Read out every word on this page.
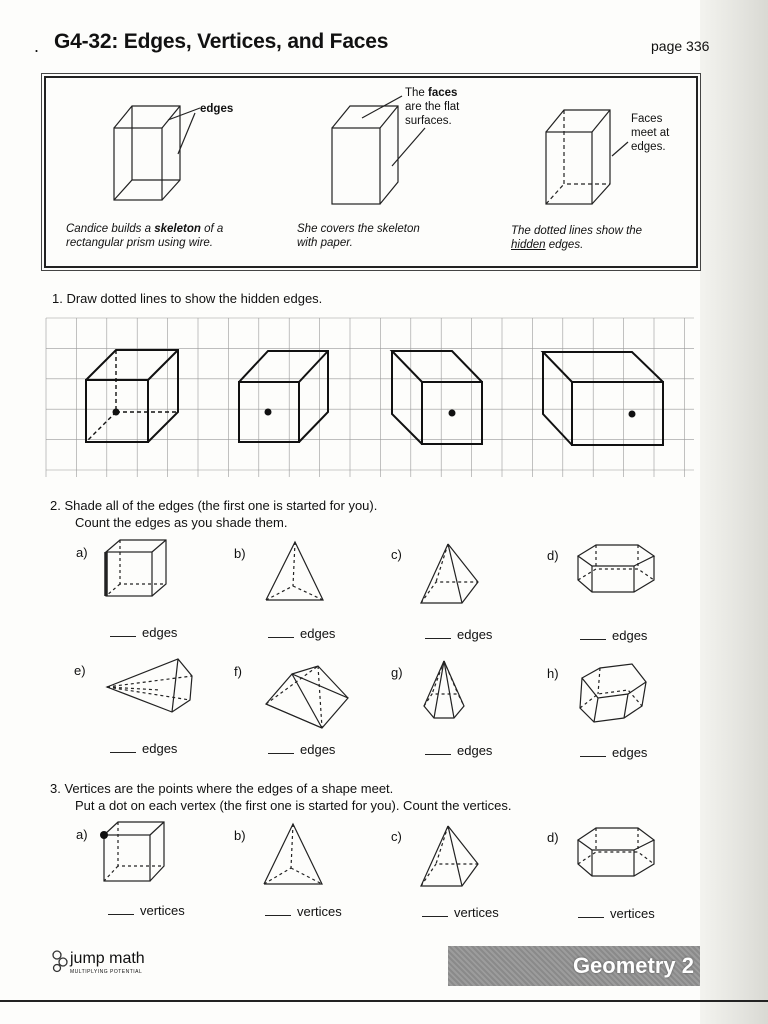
. G4-32: Edges, Vertices, and Faces	page 336
edges
The faces
are the flat
surfaces.	Faces
meet at
edges.
Candice builds a skeleton of a
rectangular prism using wire.
She covers the skeleton
with paper.
The dotted lines show the
hidden edges.
1. Draw dotted lines to show the hidden edges.
2. Shade all of the edges (the first one is started for you).
Count the edges as you shade them.
a)	b)	c)	d)
e)	f)	g)	h)
edges	edges	edges	edges
edges	edges	edges	edges
3. Vertices are the points where the edges of a shape meet.
Put a dot on each vertex (the first one is started for you). Count the vertices.
a)	b)	c)	d)
vertices	vertices	vertices	vertices
jump math
MULTIPLYING POTENTIAL	Geometry 2
